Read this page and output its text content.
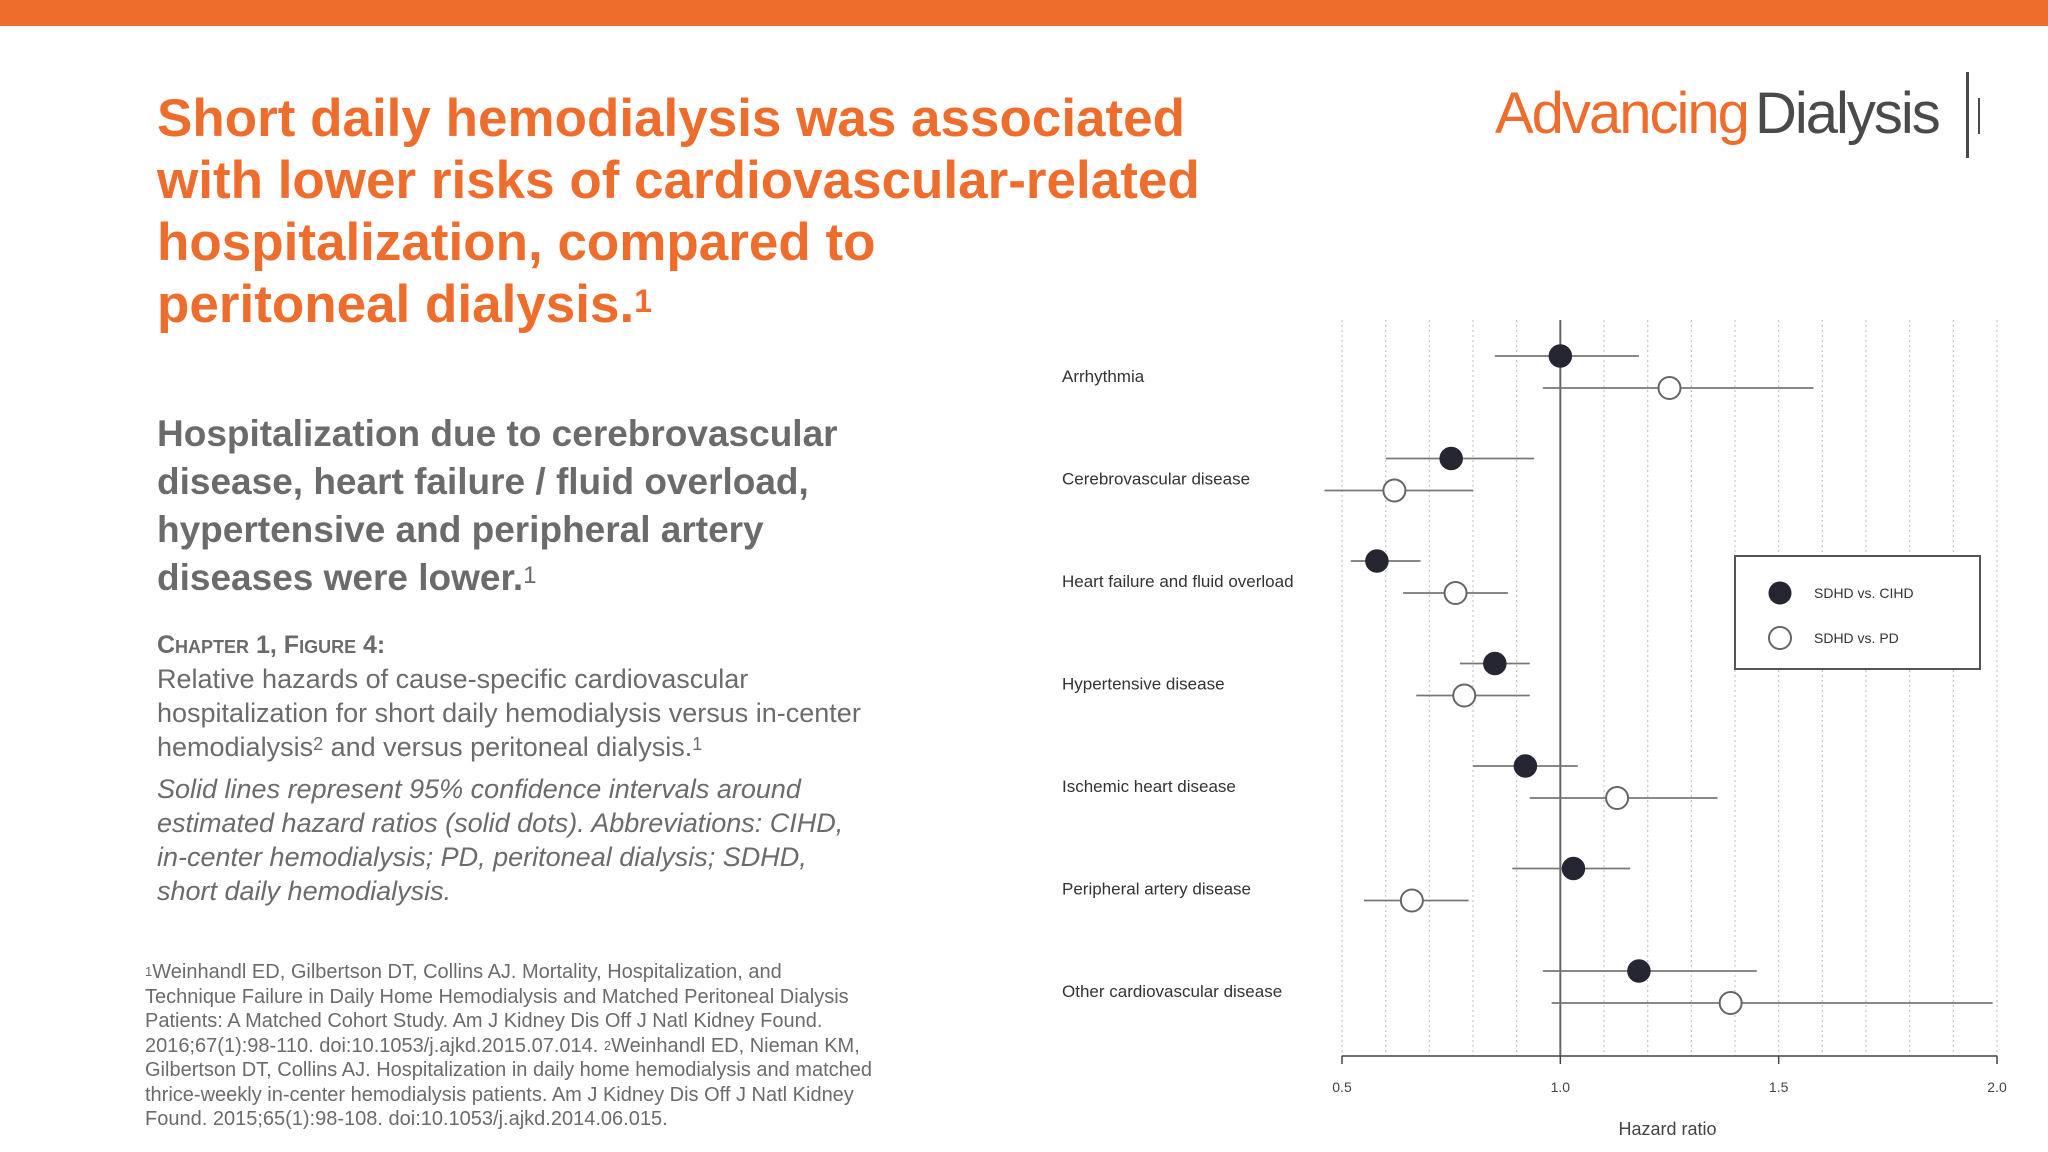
Advancing Dialysis
Short daily hemodialysis was associated
with lower risks of cardiovascular-related
hospitalization, compared to
peritoneal dialysis.$^1$
Hospitalization due to cerebrovascular
disease, heart failure / fluid overload,
hypertensive and peripheral artery
diseases were lower.$^1$
Chapter 1, Figure 4:
Relative hazards of cause-specific cardiovascular
hospitalization for short daily hemodialysis versus in-center
hemodialysis$^2$ and versus peritoneal dialysis.$^1$
Solid lines represent 95% confidence intervals around
estimated hazard ratios (solid dots). Abbreviations: CIHD,
in-center hemodialysis; PD, peritoneal dialysis; SDHD,
short daily hemodialysis.
$^1$Weinhandl ED, Gilbertson DT, Collins AJ. Mortality, Hospitalization, and
Technique Failure in Daily Home Hemodialysis and Matched Peritoneal Dialysis
Patients: A Matched Cohort Study. Am J Kidney Dis Off J Natl Kidney Found.
2016;67(1):98-110. doi:10.1053/j.ajkd.2015.07.014. $^2$Weinhandl ED, Nieman KM,
Gilbertson DT, Collins AJ. Hospitalization in daily home hemodialysis and matched
thrice-weekly in-center hemodialysis patients. Am J Kidney Dis Off J Natl Kidney
Found. 2015;65(1):98-108. doi:10.1053/j.ajkd.2014.06.015.
0.5	1.0	1.5	2.0
Hazard ratio
Arrhythmia
Cerebrovascular disease
Heart failure and fluid overload
Hypertensive disease
Ischemic heart disease
Peripheral artery disease
Other cardiovascular disease
SDHD vs. CIHD
SDHD vs. PD
